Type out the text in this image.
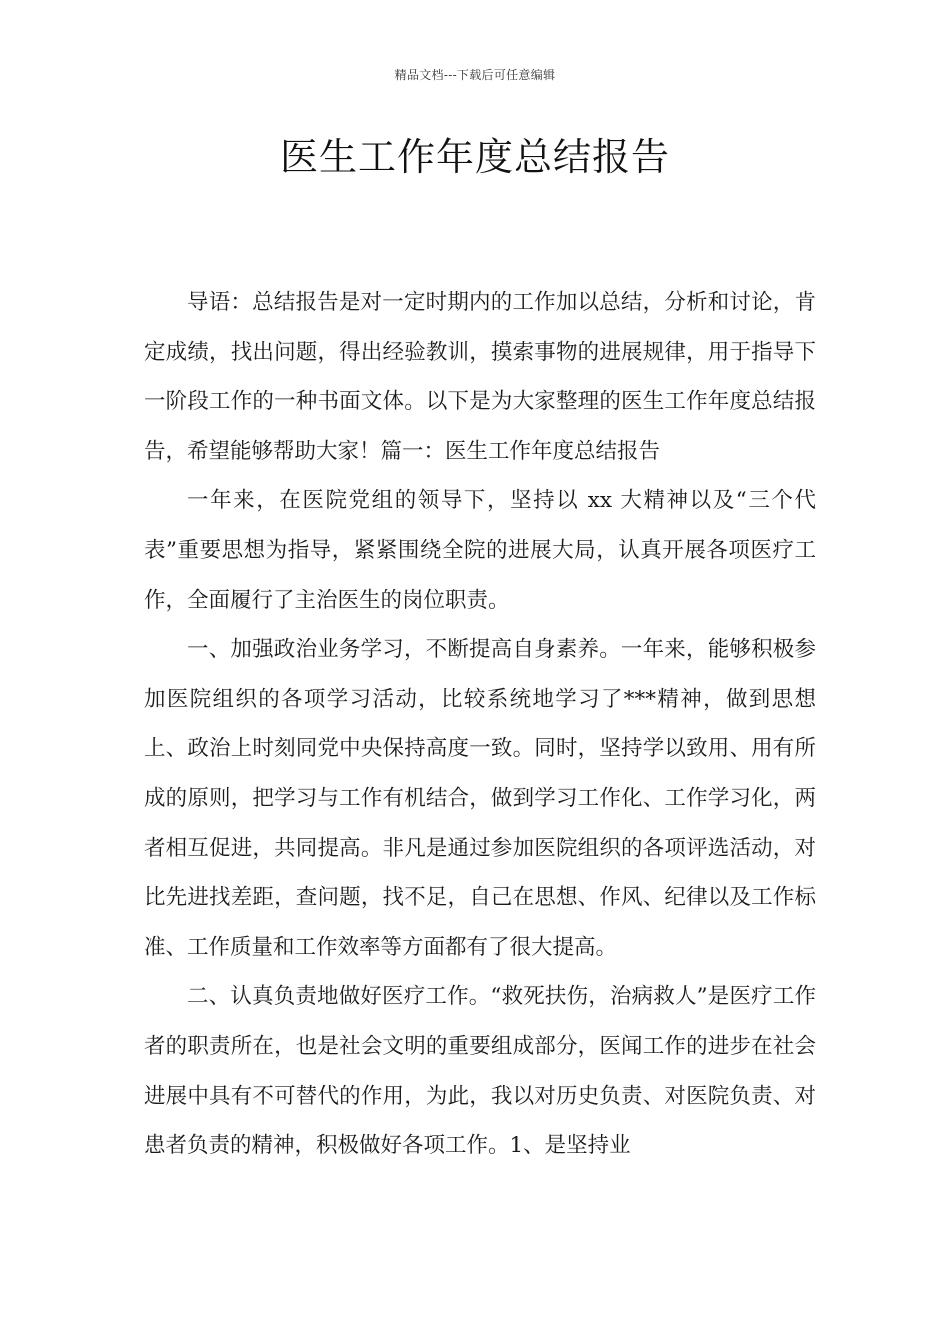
精品文档---下载后可任意编辑
医生工作年度总结报告

导语：总结报告是对一定时期内的工作加以总结，分析和讨论，肯定成绩，找出问题，得出经验教训，摸索事物的进展规律，用于指导下一阶段工作的一种书面文体。以下是为大家整理的医生工作年度总结报告，希望能够帮助大家！篇一：医生工作年度总结报告

一年来，在医院党组的领导下，坚持以 xx 大精神以及“三个代表”重要思想为指导，紧紧围绕全院的进展大局，认真开展各项医疗工作，全面履行了主治医生的岗位职责。

一、加强政治业务学习，不断提高自身素养。一年来，能够积极参加医院组织的各项学习活动，比较系统地学习了***精神，做到思想上、政治上时刻同党中央保持高度一致。同时，坚持学以致用、用有所成的原则，把学习与工作有机结合，做到学习工作化、工作学习化，两者相互促进，共同提高。非凡是通过参加医院组织的各项评选活动，对比先进找差距，查问题，找不足，自己在思想、作风、纪律以及工作标准、工作质量和工作效率等方面都有了很大提高。

二、认真负责地做好医疗工作。“救死扶伤，治病救人”是医疗工作者的职责所在，也是社会文明的重要组成部分，医闻工作的进步在社会进展中具有不可替代的作用，为此，我以对历史负责、对医院负责、对患者负责的精神，积极做好各项工作。1、是坚持业
